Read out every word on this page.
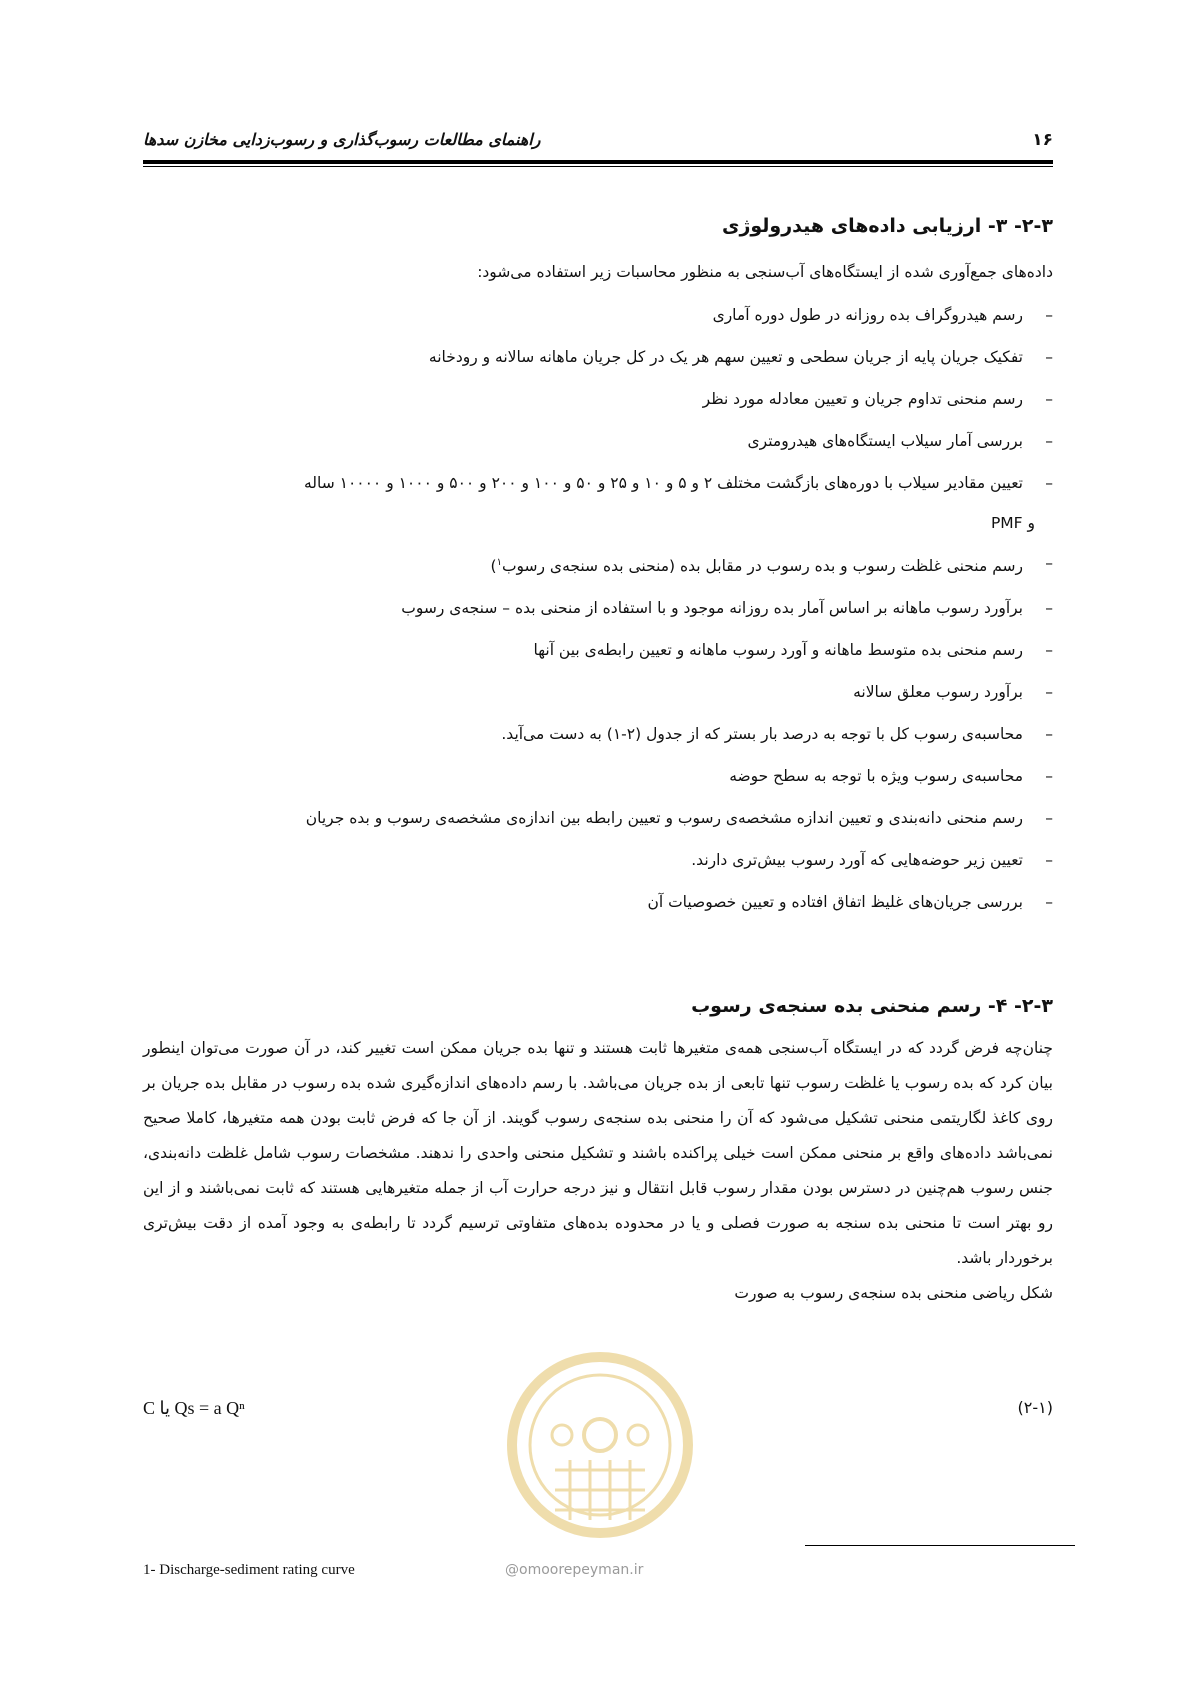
۱۶
راهنمای مطالعات رسوب‌گذاری و رسوب‌زدایی مخازن سدها
۲-۳- ۳- ارزیابی داده‌های هیدرولوژی

داده‌های جمع‌آوری شده از ایستگاه‌های آب‌سنجی به منظور محاسبات زیر استفاده می‌شود:

–
رسم هیدروگراف بده روزانه در طول دوره آماری
–
تفکیک جریان پایه از جریان سطحی و تعیین سهم هر یک در کل جریان ماهانه سالانه و رودخانه
–
رسم منحنی تداوم جریان و تعیین معادله مورد نظر
–
بررسی آمار سیلاب ایستگاه‌های هیدرومتری
–
تعیین مقادیر سیلاب با دوره‌های بازگشت مختلف ۲ و ۵ و ۱۰ و ۲۵ و ۵۰ و ۱۰۰ و ۲۰۰ و ۵۰۰ و ۱۰۰۰ و ۱۰۰۰۰ ساله
و PMF
–
رسم منحنی غلظت رسوب و بده رسوب در مقابل بده (منحنی بده سنجه‌ی رسوب$^۱$)
–
برآورد رسوب ماهانه بر اساس آمار بده روزانه موجود و با استفاده از منحنی بده – سنجه‌ی رسوب
–
رسم منحنی بده متوسط ماهانه و آورد رسوب ماهانه و تعیین رابطه‌ی بین آنها
–
برآورد رسوب معلق سالانه
–
محاسبه‌ی رسوب کل با توجه به درصد بار بستر که از جدول (۲-۱) به دست می‌آید.
–
محاسبه‌ی رسوب ویژه با توجه به سطح حوضه
–
رسم منحنی دانه‌بندی و تعیین اندازه مشخصه‌ی رسوب و تعیین رابطه بین اندازه‌ی مشخصه‌ی رسوب و بده جریان
–
تعیین زیر حوضه‌هایی که آورد رسوب بیش‌تری دارند.
–
بررسی جریان‌های غلیظ اتفاق افتاده و تعیین خصوصیات آن
۲-۳- ۴- رسم منحنی بده سنجه‌ی رسوب

چنان‌چه فرض گردد که در ایستگاه آب‌سنجی همه‌ی متغیرها ثابت هستند و تنها بده جریان ممکن است تغییر کند، در آن صورت می‌توان اینطور بیان کرد که بده رسوب یا غلظت رسوب تنها تابعی از بده جریان می‌باشد. با رسم داده‌های اندازه‌گیری شده بده رسوب در مقابل بده جریان بر روی کاغذ لگاریتمی منحنی تشکیل می‌شود که آن را منحنی بده سنجه‌ی رسوب گویند. از آن جا که فرض ثابت بودن همه متغیرها، کاملا صحیح نمی‌باشد داده‌های واقع بر منحنی ممکن است خیلی پراکنده باشند و تشکیل منحنی واحدی را ندهند. مشخصات رسوب شامل غلظت دانه‌بندی، جنس رسوب هم‌چنین در دسترس بودن مقدار رسوب قابل انتقال و نیز درجه حرارت آب از جمله متغیرهایی هستند که ثابت نمی‌باشند و از این رو بهتر است تا منحنی بده سنجه به صورت فصلی و یا در محدوده بده‌های متفاوتی ترسیم گردد تا رابطه‌ی به وجود آمده از دقت بیش‌تری برخوردار باشد.

شکل ریاضی منحنی بده سنجه‌ی رسوب به صورت

C یا Qs = a Qⁿ	(۲-۱)
@omoorepeyman.ir
1- Discharge-sediment rating curve
